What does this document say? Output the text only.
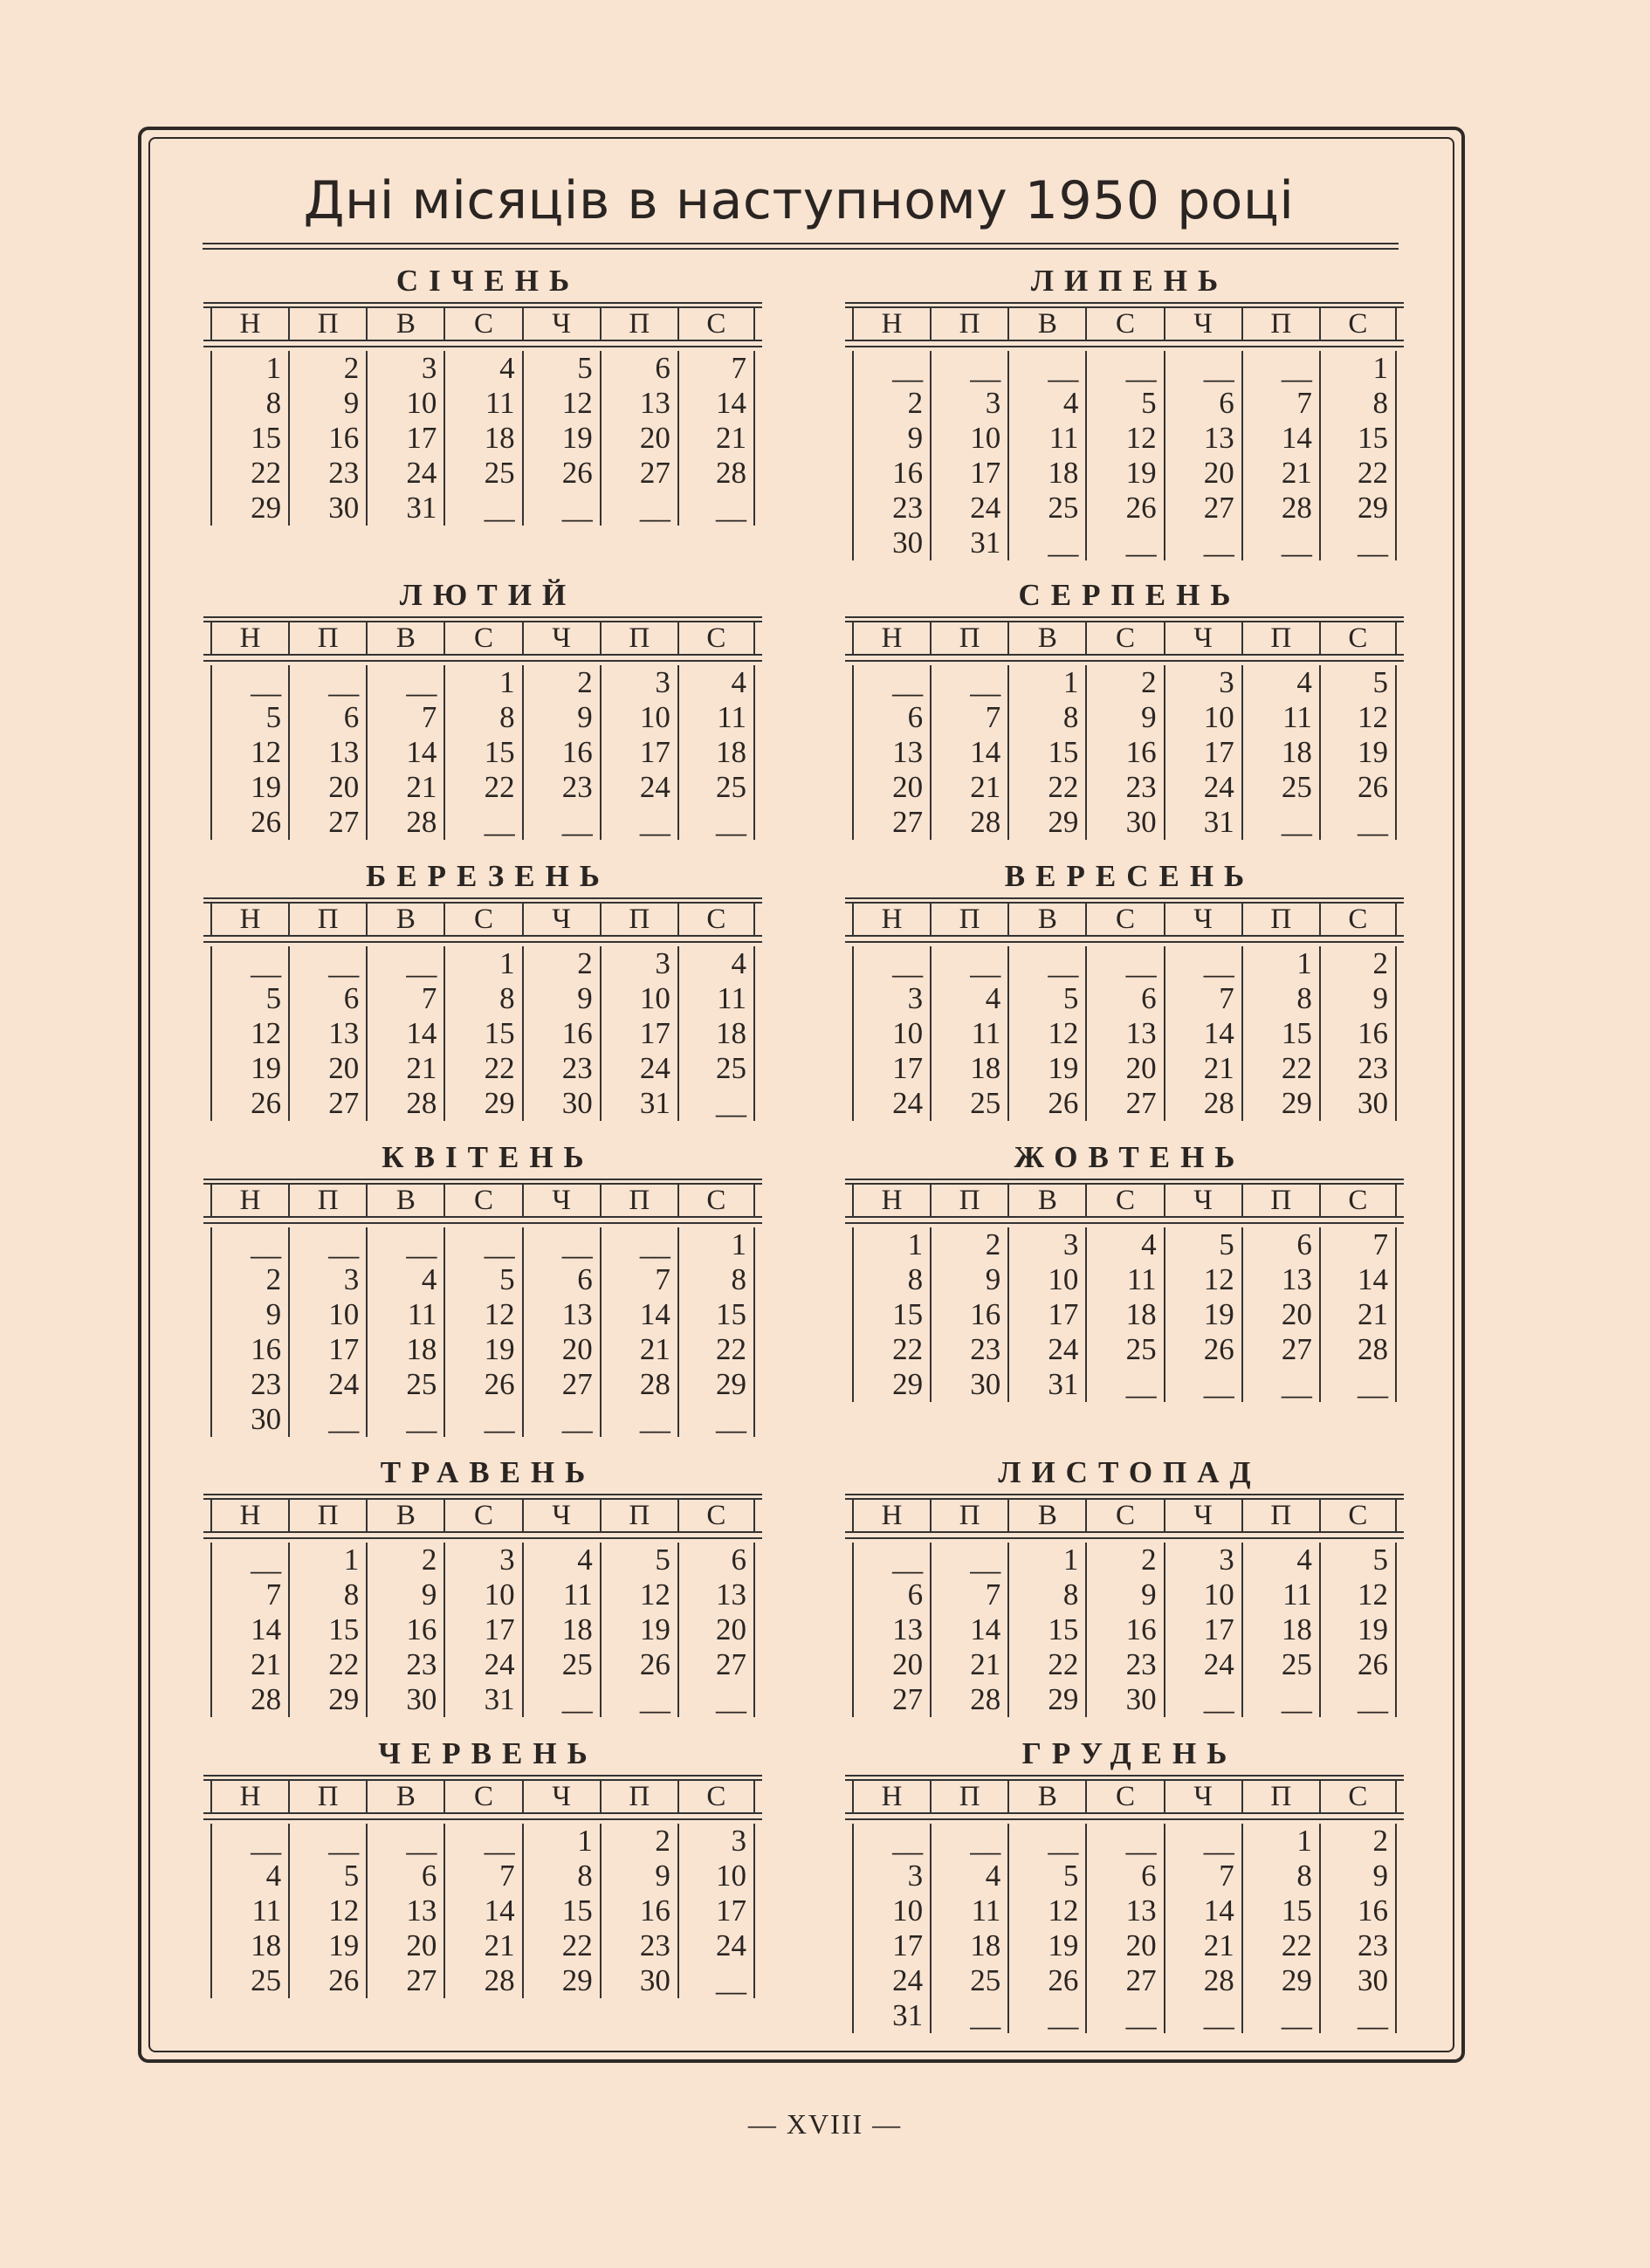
Дні місяців в наступному 1950 році
СІЧЕНЬ
Н	П	В	С	Ч	П	С
1	2	3	4	5	6	7
8	9	10	11	12	13	14
15	16	17	18	19	20	21
22	23	24	25	26	27	28
29	30	31	__	__	__	__
ЛЮТИЙ
Н	П	В	С	Ч	П	С
__	__	__	1	2	3	4
5	6	7	8	9	10	11
12	13	14	15	16	17	18
19	20	21	22	23	24	25
26	27	28	__	__	__	__
БЕРЕЗЕНЬ
Н	П	В	С	Ч	П	С
__	__	__	1	2	3	4
5	6	7	8	9	10	11
12	13	14	15	16	17	18
19	20	21	22	23	24	25
26	27	28	29	30	31	__
КВІТЕНЬ
Н	П	В	С	Ч	П	С
__	__	__	__	__	__	1
2	3	4	5	6	7	8
9	10	11	12	13	14	15
16	17	18	19	20	21	22
23	24	25	26	27	28	29
30	__	__	__	__	__	__
ТРАВЕНЬ
Н	П	В	С	Ч	П	С
__	1	2	3	4	5	6
7	8	9	10	11	12	13
14	15	16	17	18	19	20
21	22	23	24	25	26	27
28	29	30	31	__	__	__
ЧЕРВЕНЬ
Н	П	В	С	Ч	П	С
__	__	__	__	1	2	3
4	5	6	7	8	9	10
11	12	13	14	15	16	17
18	19	20	21	22	23	24
25	26	27	28	29	30	__
ЛИПЕНЬ
Н	П	В	С	Ч	П	С
__	__	__	__	__	__	1
2	3	4	5	6	7	8
9	10	11	12	13	14	15
16	17	18	19	20	21	22
23	24	25	26	27	28	29
30	31	__	__	__	__	__
СЕРПЕНЬ
Н	П	В	С	Ч	П	С
__	__	1	2	3	4	5
6	7	8	9	10	11	12
13	14	15	16	17	18	19
20	21	22	23	24	25	26
27	28	29	30	31	__	__
ВЕРЕСЕНЬ
Н	П	В	С	Ч	П	С
__	__	__	__	__	1	2
3	4	5	6	7	8	9
10	11	12	13	14	15	16
17	18	19	20	21	22	23
24	25	26	27	28	29	30
ЖОВТЕНЬ
Н	П	В	С	Ч	П	С
1	2	3	4	5	6	7
8	9	10	11	12	13	14
15	16	17	18	19	20	21
22	23	24	25	26	27	28
29	30	31	__	__	__	__
ЛИСТОПАД
Н	П	В	С	Ч	П	С
__	__	1	2	3	4	5
6	7	8	9	10	11	12
13	14	15	16	17	18	19
20	21	22	23	24	25	26
27	28	29	30	__	__	__
ГРУДЕНЬ
Н	П	В	С	Ч	П	С
__	__	__	__	__	1	2
3	4	5	6	7	8	9
10	11	12	13	14	15	16
17	18	19	20	21	22	23
24	25	26	27	28	29	30
31	__	__	__	__	__	__
— XVIII —
